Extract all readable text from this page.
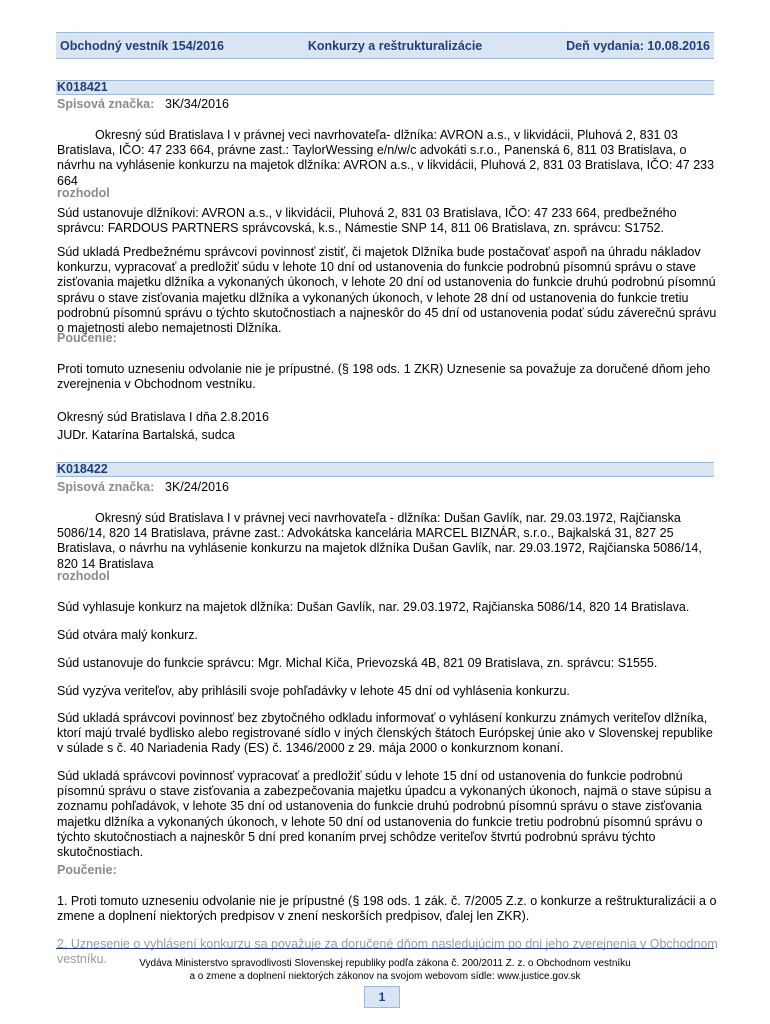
Obchodný vestník 154/2016	Konkurzy a reštrukturalizácie	Deň vydania: 10.08.2016
K018421
Spisová značka: 3K/34/2016

Okresný súd Bratislava I v právnej veci navrhovateľa- dlžníka: AVRON a.s., v likvidácii, Pluhová 2, 831 03 Bratislava, IČO: 47 233 664, právne zast.: TaylorWessing e/n/w/c advokáti s.r.o., Panenská 6, 811 03 Bratislava, o návrhu na vyhlásenie konkurzu na majetok dlžníka: AVRON a.s., v likvidácii, Pluhová 2, 831 03 Bratislava, IČO: 47 233 664

rozhodol

Súd ustanovuje dlžníkovi: AVRON a.s., v likvidácii, Pluhová 2, 831 03 Bratislava, IČO: 47 233 664, predbežného správcu: FARDOUS PARTNERS správcovská, k.s., Námestie SNP 14, 811 06 Bratislava, zn. správcu: S1752.

Súd ukladá Predbežnému správcovi povinnosť zistiť, či majetok Dlžníka bude postačovať aspoň na úhradu nákladov konkurzu, vypracovať a predložiť súdu v lehote 10 dní od ustanovenia do funkcie podrobnú písomnú správu o stave zisťovania majetku dlžníka a vykonaných úkonoch, v lehote 20 dní od ustanovenia do funkcie druhú podrobnú písomnú správu o stave zisťovania majetku dlžníka a vykonaných úkonoch, v lehote 28 dní od ustanovenia do funkcie tretiu podrobnú písomnú správu o týchto skutočnostiach a najneskôr do 45 dní od ustanovenia podať súdu záverečnú správu o majetnosti alebo nemajetnosti Dlžníka.

Poučenie:

Proti tomuto uzneseniu odvolanie nie je prípustné. (§ 198 ods. 1 ZKR) Uznesenie sa považuje za doručené dňom jeho zverejnenia v Obchodnom vestníku.

Okresný súd Bratislava I dňa 2.8.2016

JUDr. Katarína Bartalská, sudca

K018422
Spisová značka: 3K/24/2016

Okresný súd Bratislava I v právnej veci navrhovateľa - dlžníka: Dušan Gavlík, nar. 29.03.1972, Rajčianska 5086/14, 820 14 Bratislava, právne zast.: Advokátska kancelária MARCEL BIZNÁR, s.r.o., Bajkalská 31, 827 25 Bratislava, o návrhu na vyhlásenie konkurzu na majetok dlžníka Dušan Gavlík, nar. 29.03.1972, Rajčianska 5086/14, 820 14 Bratislava

rozhodol

Súd vyhlasuje konkurz na majetok dlžníka: Dušan Gavlík, nar. 29.03.1972, Rajčianska 5086/14, 820 14 Bratislava.

Súd otvára malý konkurz.

Súd ustanovuje do funkcie správcu: Mgr. Michal Kiča, Prievozská 4B, 821 09 Bratislava, zn. správcu: S1555.

Súd vyzýva veriteľov, aby prihlásili svoje pohľadávky v lehote 45 dní od vyhlásenia konkurzu.

Súd ukladá správcovi povinnosť bez zbytočného odkladu informovať o vyhlásení konkurzu známych veriteľov dlžníka, ktorí majú trvalé bydlisko alebo registrované sídlo v iných členských štátoch Európskej únie ako v Slovenskej republike v súlade s č. 40 Nariadenia Rady (ES) č. 1346/2000 z 29. mája 2000 o konkurznom konaní.

Súd ukladá správcovi povinnosť vypracovať a predložiť súdu v lehote 15 dní od ustanovenia do funkcie podrobnú písomnú správu o stave zisťovania a zabezpečovania majetku úpadcu a vykonaných úkonoch, najmä o stave súpisu a zoznamu pohľadávok, v lehote 35 dní od ustanovenia do funkcie druhú podrobnú písomnú správu o stave zisťovania majetku dlžníka a vykonaných úkonoch, v lehote 50 dní od ustanovenia do funkcie tretiu podrobnú písomnú správu o týchto skutočnostiach a najneskôr 5 dní pred konaním prvej schôdze veriteľov štvrtú podrobnú správu týchto skutočnostiach.

Poučenie:

1. Proti tomuto uzneseniu odvolanie nie je prípustné (§ 198 ods. 1 zák. č. 7/2005 Z.z. o konkurze a reštrukturalizácii a o zmene a doplnení niektorých predpisov v znení neskorších predpisov, ďalej len ZKR).

2. Uznesenie o vyhlásení konkurzu sa považuje za doručené dňom nasledujúcim po dni jeho zverejnenia v Obchodnom vestníku.	Vydáva Ministerstvo spravodlivosti Slovenskej republiky podľa zákona č. 200/2011 Z. z. o Obchodnom vestníku
a o zmene a doplnení niektorých zákonov na svojom webovom sídle: www.justice.gov.sk
1
